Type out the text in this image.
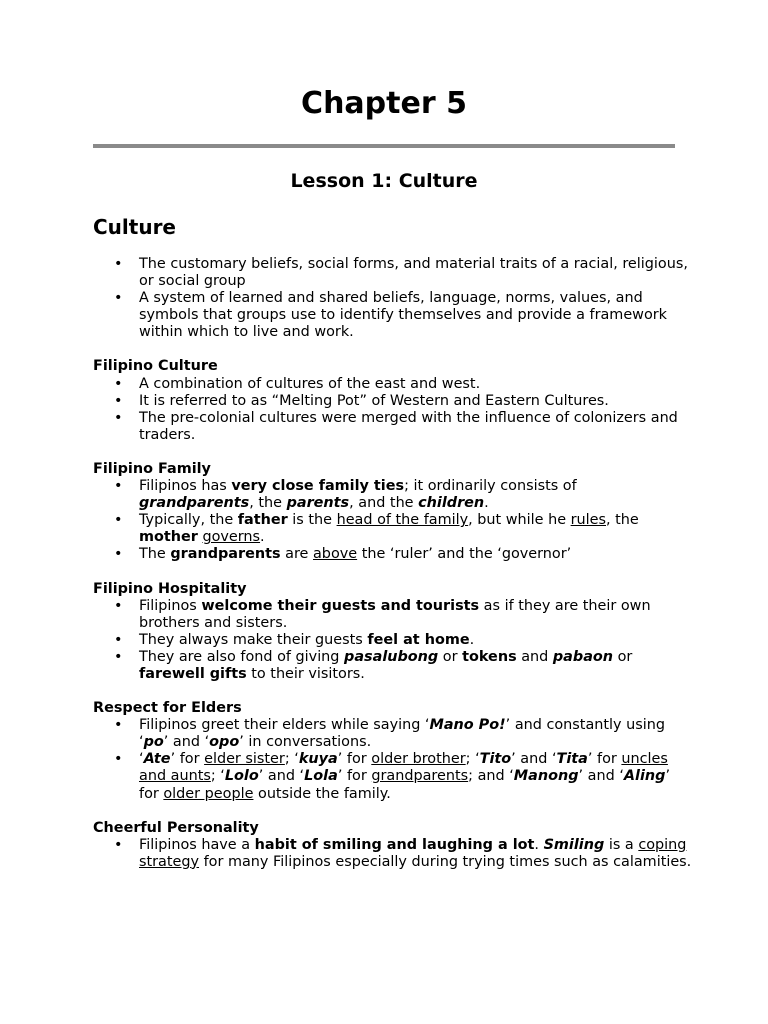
Chapter 5
Lesson 1: Culture
Culture
• The customary beliefs, social forms, and material traits of a racial, religious, or social group
• A system of learned and shared beliefs, language, norms, values, and symbols that groups use to identify themselves and provide a framework within which to live and work.

Filipino Culture

• A combination of cultures of the east and west.
• It is referred to as “Melting Pot” of Western and Eastern Cultures.
• The pre-colonial cultures were merged with the influence of colonizers and traders.

Filipino Family

• Filipinos has very close family ties; it ordinarily consists of grandparents, the parents, and the children.
• Typically, the father is the head of the family, but while he rules, the mother governs.
• The grandparents are above the ‘ruler’ and the ‘governor’

Filipino Hospitality

• Filipinos welcome their guests and tourists as if they are their own brothers and sisters.
• They always make their guests feel at home.
• They are also fond of giving pasalubong or tokens and pabaon or farewell gifts to their visitors.

Respect for Elders

• Filipinos greet their elders while saying ‘Mano Po!’ and constantly using ‘po’ and ‘opo’ in conversations.
• ‘Ate’ for elder sister; ‘kuya’ for older brother; ‘Tito’ and ‘Tita’ for uncles and aunts; ‘Lolo’ and ‘Lola’ for grandparents; and ‘Manong’ and ‘Aling’ for older people outside the family.

Cheerful Personality

• Filipinos have a habit of smiling and laughing a lot. Smiling is a coping strategy for many Filipinos especially during trying times such as calamities.
